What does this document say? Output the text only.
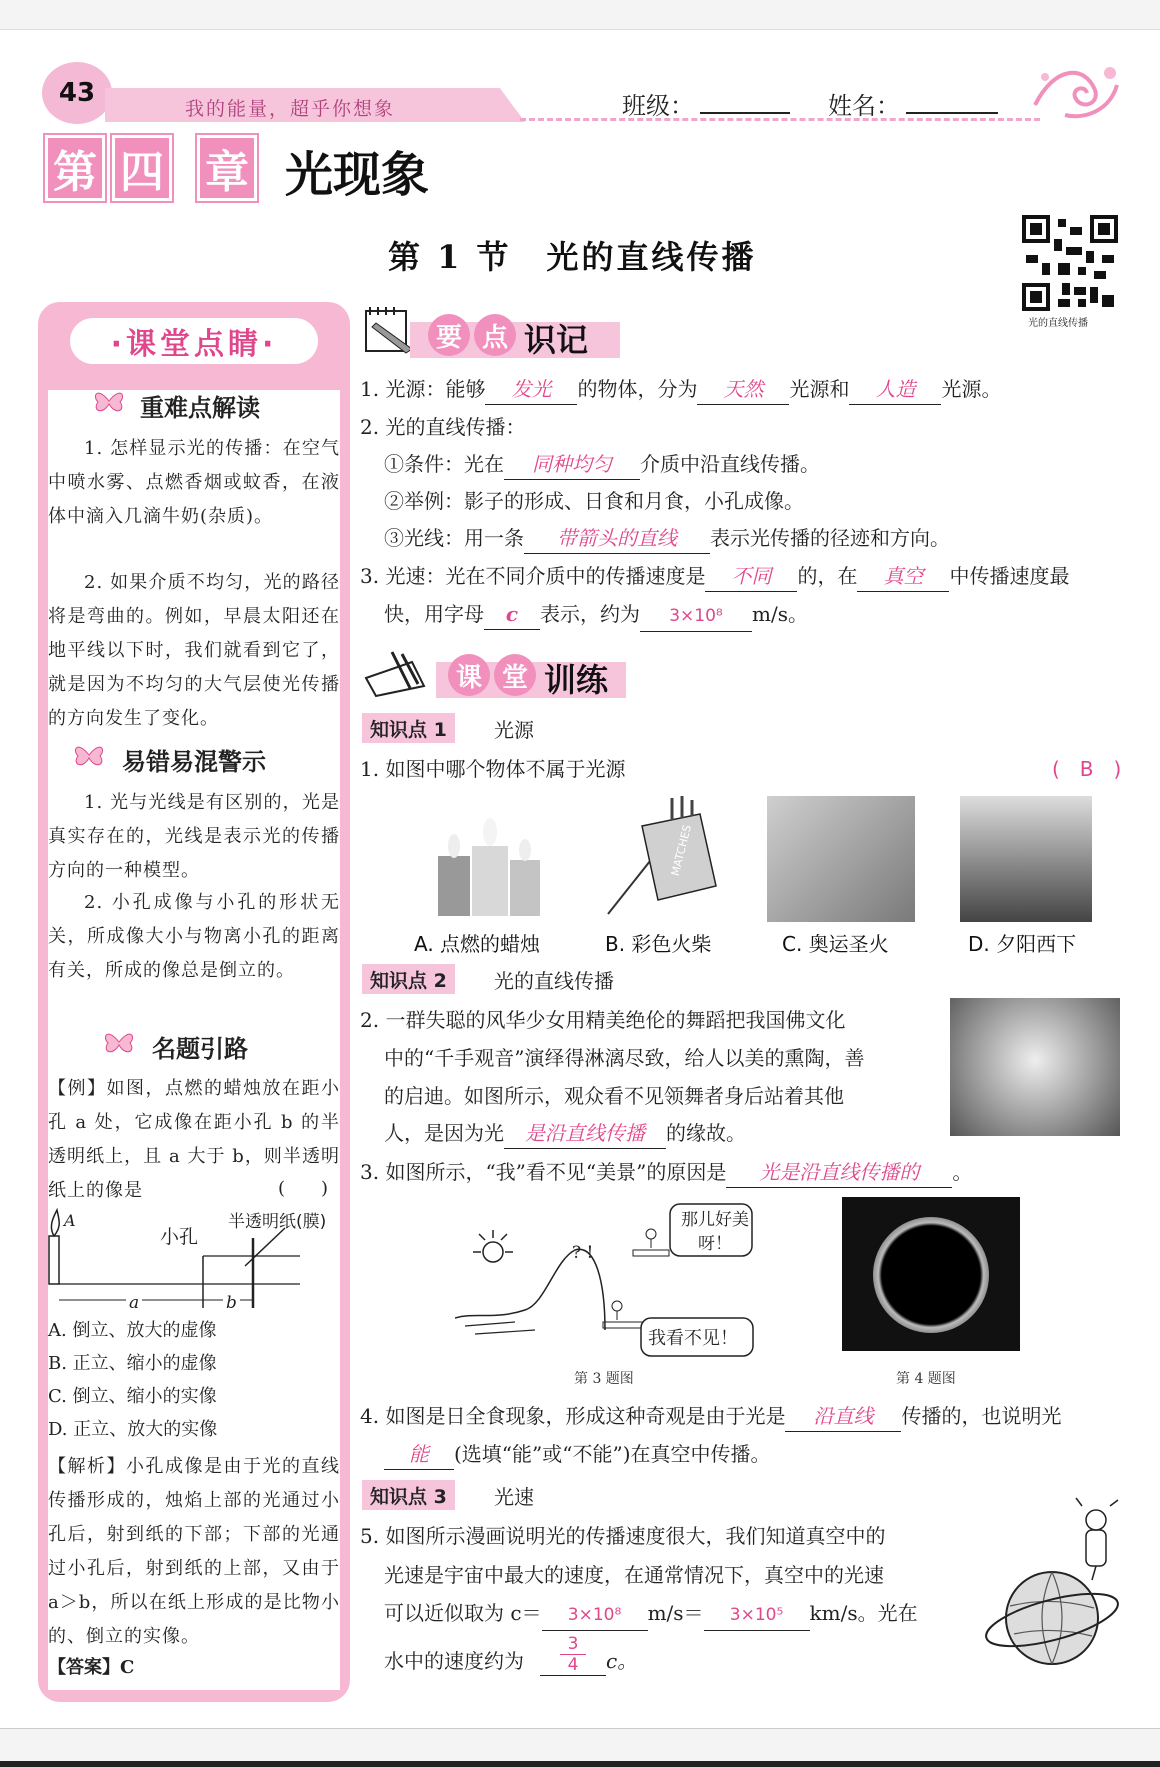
43
我的能量，超乎你想象	班级：	姓名：
第 四 章 光现象
第 1 节　光的直线传播
光的直线传播
·课堂点睛·
重难点解读

1. 怎样显示光的传播：在空气中喷水雾、点燃香烟或蚊香，在液体中滴入几滴牛奶(杂质)。

2. 如果介质不均匀，光的路径将是弯曲的。例如，早晨太阳还在地平线以下时，我们就看到它了，就是因为不均匀的大气层使光传播的方向发生了变化。

易错易混警示

1. 光与光线是有区别的，光是真实存在的，光线是表示光的传播方向的一种模型。

2. 小孔成像与小孔的形状无关，所成像大小与物离小孔的距离有关，所成的像总是倒立的。

名题引路

【例】如图，点燃的蜡烛放在距小孔 a 处，它成像在距小孔 b 的半透明纸上，且 a 大于 b，则半透明纸上的像是	(　　)
A
小孔
半透明纸(膜)
a	b
A. 倒立、放大的虚像
B. 正立、缩小的虚像
C. 倒立、缩小的实像
D. 正立、放大的实像

【解析】小孔成像是由于光的直线传播形成的，烛焰上部的光通过小孔后，射到纸的下部；下部的光通过小孔后，射到纸的上部，又由于 a＞b，所以在纸上形成的是比物小的、倒立的实像。

【答案】C
要 点 识记
1. 光源：能够 发光 的物体，分为 天然 光源和 人造 光源。
2. 光的直线传播：
①条件：光在 同种均匀 介质中沿直线传播。
②举例：影子的形成、日食和月食，小孔成像。
③光线：用一条 带箭头的直线 表示光传播的径迹和方向。
3. 光速：光在不同介质中的传播速度是 不同 的，在 真空 中传播速度最
快，用字母 c 表示，约为 3×10⁸ m/s。
课 堂 训练
知识点 1	光源
1. 如图中哪个物体不属于光源	(　B　)
MATCHES
A. 点燃的蜡烛	B. 彩色火柴	C. 奥运圣火	D. 夕阳西下
知识点 2	光的直线传播
2. 一群失聪的风华少女用精美绝伦的舞蹈把我国佛文化
中的“千手观音”演绎得淋漓尽致，给人以美的熏陶，善
的启迪。如图所示，观众看不见领舞者身后站着其他
人，是因为光 是沿直线传播 的缘故。
3. 如图所示，“我”看不见“美景”的原因是 光是沿直线传播的 。
? !
那儿好美呀！
我看不见！
第 3 题图	第 4 题图
4. 如图是日全食现象，形成这种奇观是由于光是 沿直线 传播的，也说明光
能 (选填“能”或“不能”)在真空中传播。
知识点 3	光速
5. 如图所示漫画说明光的传播速度很大，我们知道真空中的
光速是宇宙中最大的速度，在通常情况下，真空中的光速
可以近似取为 c＝ 3×10⁸ m/s＝ 3×10⁵ km/s。光在
水中的速度约为 $\frac{3}{4}$ c。
